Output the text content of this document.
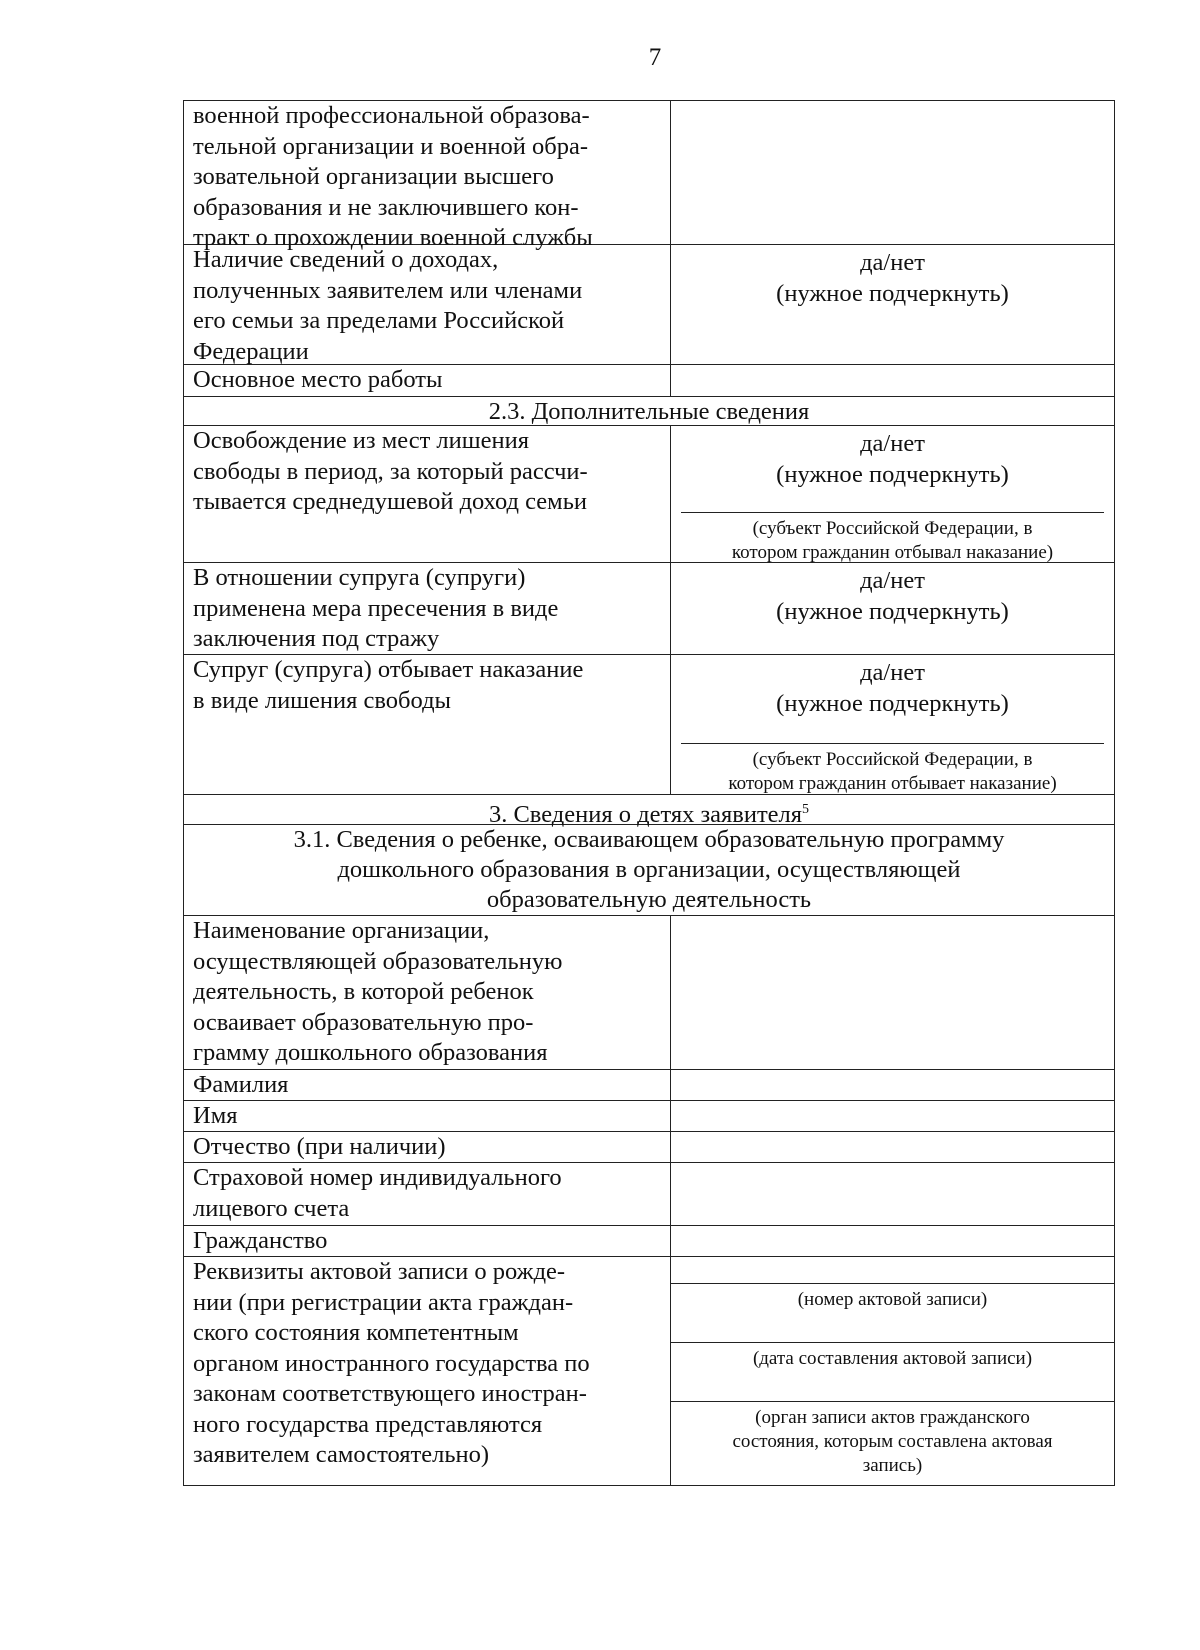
7
военной профессиональной образова-
тельной организации и военной обра-
зовательной организации высшего
образования и не заключившего кон-
тракт о прохождении военной службы
Наличие сведений о доходах,
полученных заявителем или членами
его семьи за пределами Российской
Федерации
да/нет
(нужное подчеркнуть)
Основное место работы
2.3. Дополнительные сведения
Освобождение из мест лишения
свободы в период, за который рассчи-
тывается среднедушевой доход семьи
да/нет
(нужное подчеркнуть)
(субъект Российской Федерации, в
котором гражданин отбывал наказание)
В отношении супруга (супруги)
применена мера пресечения в виде
заключения под стражу
да/нет
(нужное подчеркнуть)
Супруг (супруга) отбывает наказание
в виде лишения свободы
да/нет
(нужное подчеркнуть)
(субъект Российской Федерации, в
котором гражданин отбывает наказание)
3. Сведения о детях заявителя$^5$
3.1. Сведения о ребенке, осваивающем образовательную программу
дошкольного образования в организации, осуществляющей
образовательную деятельность
Наименование организации,
осуществляющей образовательную
деятельность, в которой ребенок
осваивает образовательную про-
грамму дошкольного образования
Фамилия
Имя
Отчество (при наличии)
Страховой номер индивидуального
лицевого счета
Гражданство
Реквизиты актовой записи о рожде-
нии (при регистрации акта граждан-
ского состояния компетентным
органом иностранного государства по
законам соответствующего иностран-
ного государства представляются
заявителем самостоятельно)
(номер актовой записи)
(дата составления актовой записи)
(орган записи актов гражданского
состояния, которым составлена актовая
запись)
